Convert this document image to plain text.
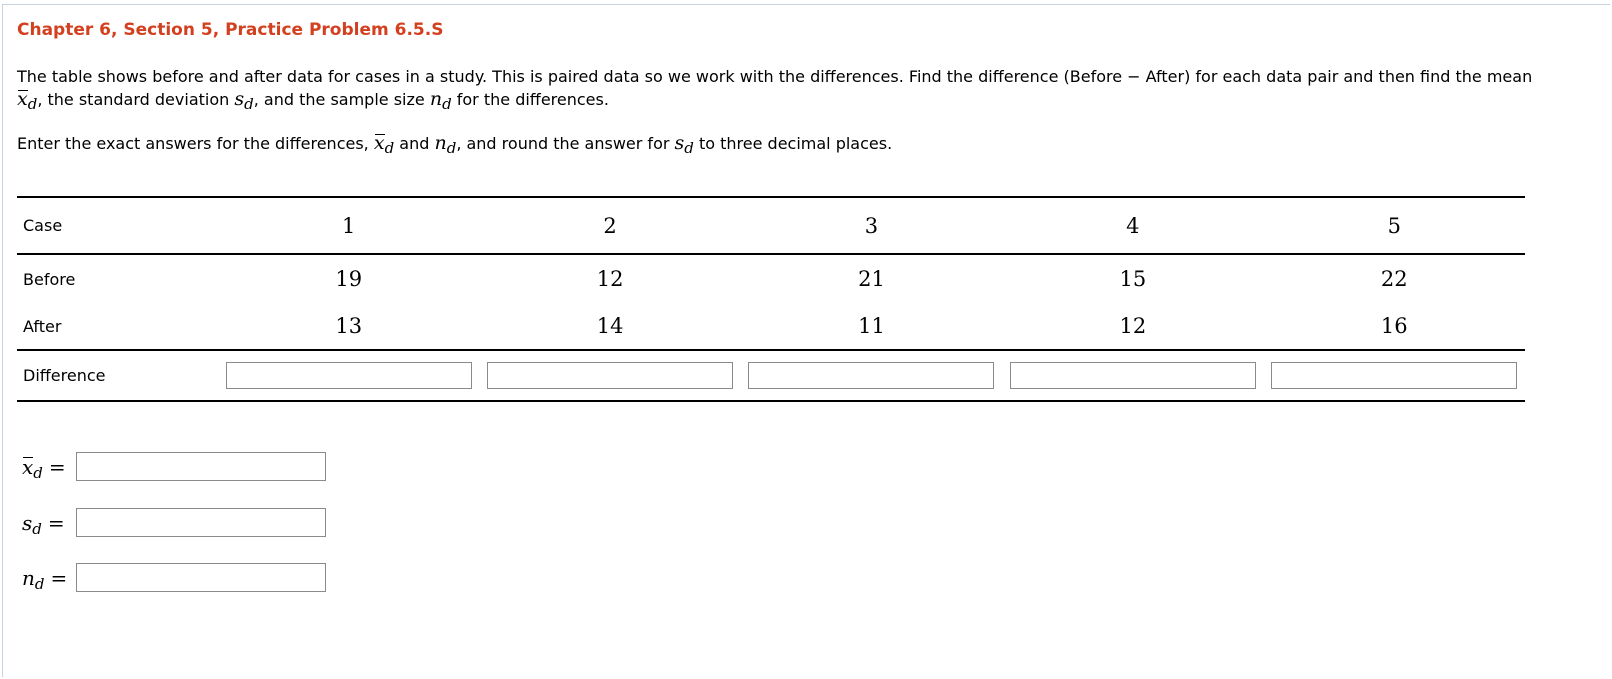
Chapter 6, Section 5, Practice Problem 6.5.S
The table shows before and after data for cases in a study. This is paired data so we work with the differences. Find the difference (Before − After) for each data pair and then find the mean $x_d$, the standard deviation $s_d$, and the sample size $n_d$ for the differences.
Enter the exact answers for the differences, $x_d$ and $n_d$, and round the answer for $s_d$ to three decimal places.
Case	1	2	3	4	5
Before	19	12	21	15	22
After	13	14	11	12	16
Difference					
$x_d$ =
$s_d$ =
$n_d$ =
